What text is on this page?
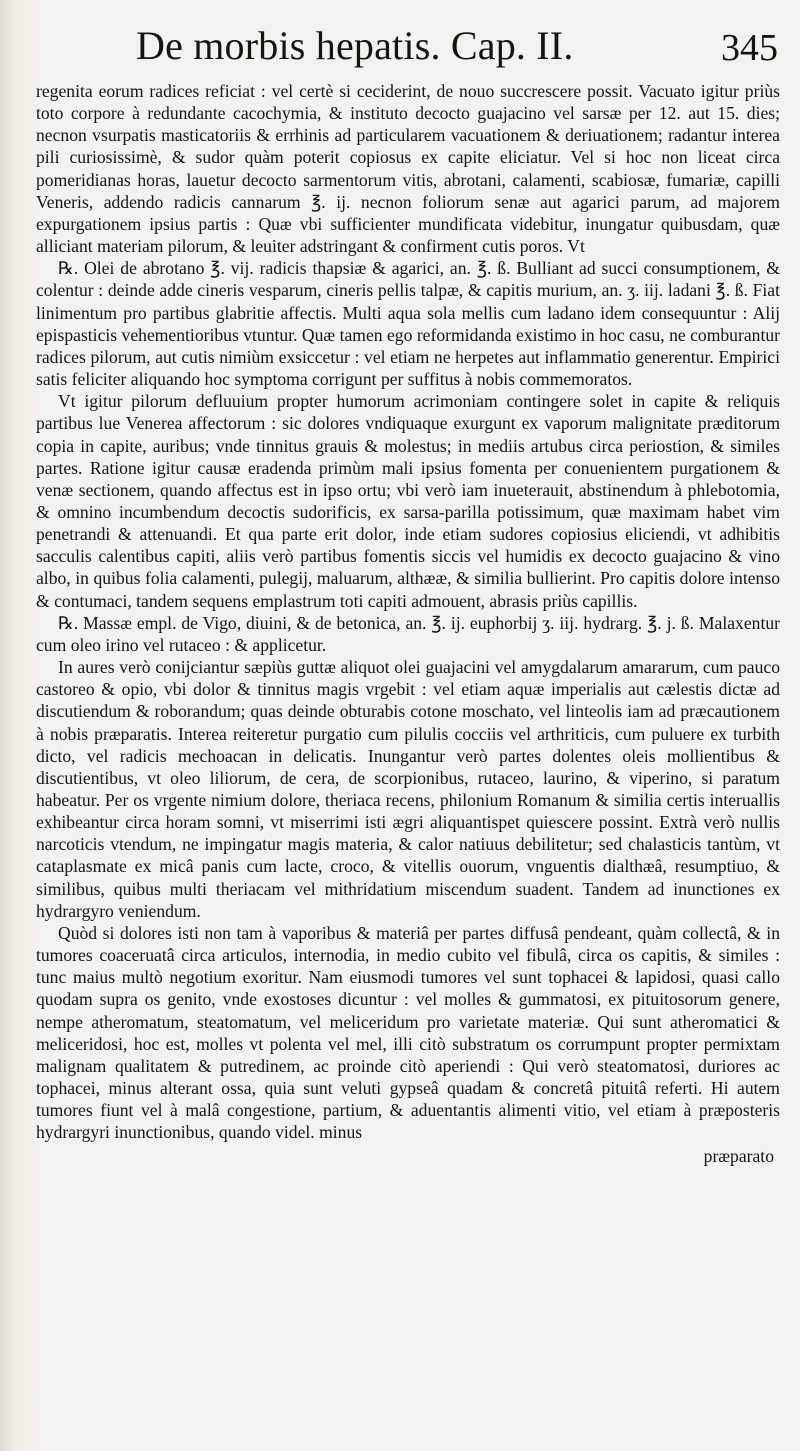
De morbis hepatis. Cap. II.	345

regenita eorum radices reficiat : vel certè si ceciderint, de nouo succrescere possit. Vacuato igitur priùs toto corpore à redundante cacochymia, & instituto decocto guajacino vel sarsæ per 12. aut 15. dies; necnon vsurpatis masticatoriis & errhinis ad particularem vacuationem & deriuationem; radantur interea pili curiosissimè, & sudor quàm poterit copiosus ex capite eliciatur. Vel si hoc non liceat circa pomeridianas horas, lauetur decocto sarmentorum vitis, abrotani, calamenti, scabiosæ, fumariæ, capilli Veneris, addendo radicis cannarum ℥. ij. necnon foliorum senæ aut agarici parum, ad majorem expurgationem ipsius partis : Quæ vbi sufficienter mundificata videbitur, inungatur quibusdam, quæ alliciant materiam pilorum, & leuiter adstringant & confirment cutis poros. Vt

℞. Olei de abrotano ℥. vij. radicis thapsiæ & agarici, an. ℥. ß. Bulliant ad succi consumptionem, & colentur : deinde adde cineris vesparum, cineris pellis talpæ, & capitis murium, an. ʒ. iij. ladani ℥. ß. Fiat linimentum pro partibus glabritie affectis. Multi aqua sola mellis cum ladano idem consequuntur : Alij epispasticis vehementioribus vtuntur. Quæ tamen ego reformidanda existimo in hoc casu, ne comburantur radices pilorum, aut cutis nimiùm exsiccetur : vel etiam ne herpetes aut inflammatio generentur. Empirici satis feliciter aliquando hoc symptoma corrigunt per suffitus à nobis commemoratos.

Vt igitur pilorum defluuium propter humorum acrimoniam contingere solet in capite & reliquis partibus lue Venerea affectorum : sic dolores vndiquaque exurgunt ex vaporum malignitate præditorum copia in capite, auribus; vnde tinnitus grauis & molestus; in mediis artubus circa periostion, & similes partes. Ratione igitur causæ eradenda primùm mali ipsius fomenta per conuenientem purgationem & venæ sectionem, quando affectus est in ipso ortu; vbi verò iam inueterauit, abstinendum à phlebotomia, & omnino incumbendum decoctis sudorificis, ex sarsa-parilla potissimum, quæ maximam habet vim penetrandi & attenuandi. Et qua parte erit dolor, inde etiam sudores copiosius eliciendi, vt adhibitis sacculis calentibus capiti, aliis verò partibus fomentis siccis vel humidis ex decocto guajacino & vino albo, in quibus folia calamenti, pulegij, maluarum, althææ, & similia bullierint. Pro capitis dolore intenso & contumaci, tandem sequens emplastrum toti capiti admouent, abrasis priùs capillis.

℞. Massæ empl. de Vigo, diuini, & de betonica, an. ℥. ij. euphorbij ʒ. iij. hydrarg. ℥. j. ß. Malaxentur cum oleo irino vel rutaceo : & applicetur.

In aures verò conijciantur sæpiùs guttæ aliquot olei guajacini vel amygdalarum amararum, cum pauco castoreo & opio, vbi dolor & tinnitus magis vrgebit : vel etiam aquæ imperialis aut cælestis dictæ ad discutiendum & roborandum; quas deinde obturabis cotone moschato, vel linteolis iam ad præcautionem à nobis præparatis. Interea reiteretur purgatio cum pilulis cocciis vel arthriticis, cum puluere ex turbith dicto, vel radicis mechoacan in delicatis. Inungantur verò partes dolentes oleis mollientibus & discutientibus, vt oleo liliorum, de cera, de scorpionibus, rutaceo, laurino, & viperino, si paratum habeatur. Per os vrgente nimium dolore, theriaca recens, philonium Romanum & similia certis interuallis exhibeantur circa horam somni, vt miserrimi isti ægri aliquantispet quiescere possint. Extrà verò nullis narcoticis vtendum, ne impingatur magis materia, & calor natiuus debilitetur; sed chalasticis tantùm, vt cataplasmate ex micâ panis cum lacte, croco, & vitellis ouorum, vnguentis dialthæâ, resumptiuo, & similibus, quibus multi theriacam vel mithridatium miscendum suadent. Tandem ad inunctiones ex hydrargyro veniendum.

Quòd si dolores isti non tam à vaporibus & materiâ per partes diffusâ pendeant, quàm collectâ, & in tumores coaceruatâ circa articulos, internodia, in medio cubito vel fibulâ, circa os capitis, & similes : tunc maius multò negotium exoritur. Nam eiusmodi tumores vel sunt tophacei & lapidosi, quasi callo quodam supra os genito, vnde exostoses dicuntur : vel molles & gummatosi, ex pituitosorum genere, nempe atheromatum, steatomatum, vel meliceridum pro varietate materiæ. Qui sunt atheromatici & meliceridosi, hoc est, molles vt polenta vel mel, illi citò substratum os corrumpunt propter permixtam malignam qualitatem & putredinem, ac proinde citò aperiendi : Qui verò steatomatosi, duriores ac tophacei, minus alterant ossa, quia sunt veluti gypseâ quadam & concretâ pituitâ referti. Hi autem tumores fiunt vel à malâ congestione, partium, & aduentantis alimenti vitio, vel etiam à præposteris hydrargyri inunctionibus, quando videl. minus

præparato
